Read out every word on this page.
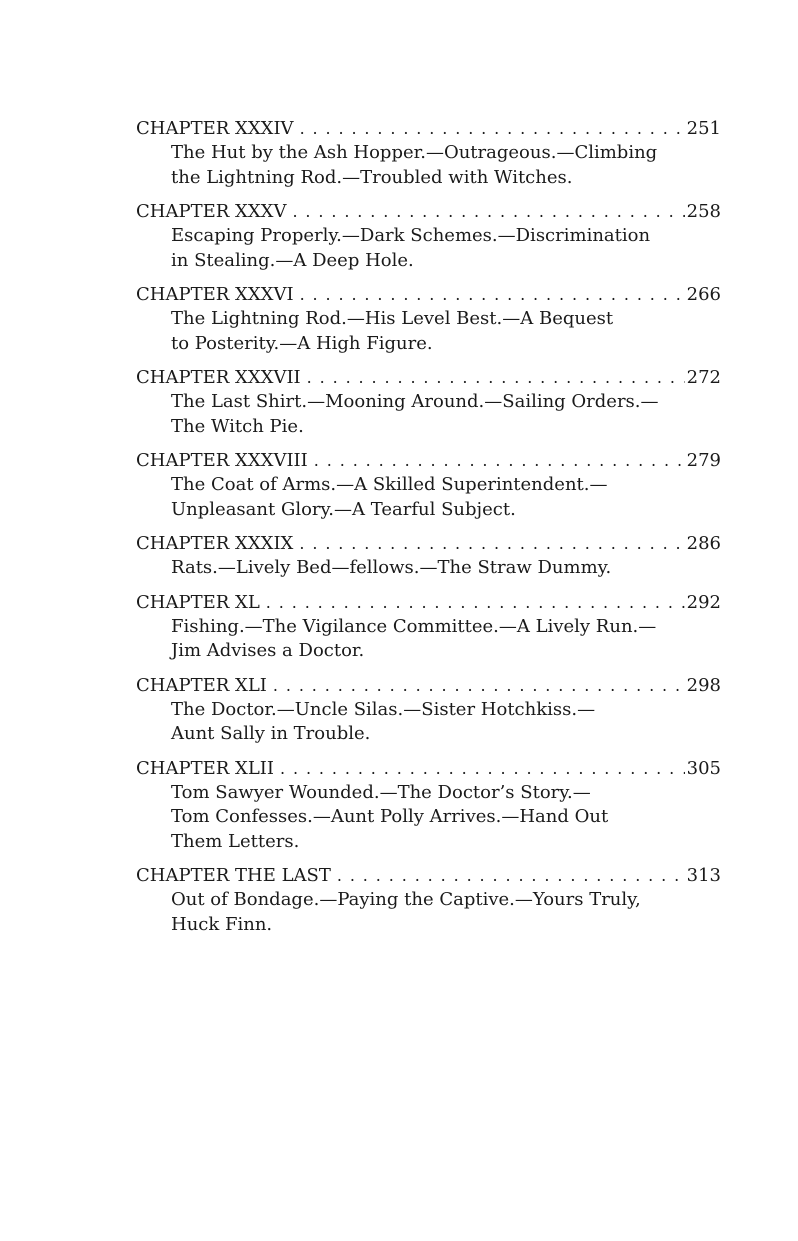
CHAPTER XXXIV . . .	251
The Hut by the Ash Hopper.—Outrageous.—Climbing
the Lightning Rod.—Troubled with Witches.
CHAPTER XXXV . . .	258
Escaping Properly.—Dark Schemes.—Discrimination
in Stealing.—A Deep Hole.
CHAPTER XXXVI . . .	266
The Lightning Rod.—His Level Best.—A Bequest
to Posterity.—A High Figure.
CHAPTER XXXVII . . .	272
The Last Shirt.—Mooning Around.—Sailing Orders.—
The Witch Pie.
CHAPTER XXXVIII . . .	279
The Coat of Arms.—A Skilled Superintendent.—
Unpleasant Glory.—A Tearful Subject.
CHAPTER XXXIX . . .	286
Rats.—Lively Bed—fellows.—The Straw Dummy.
CHAPTER XL . . .	292
Fishing.—The Vigilance Committee.—A Lively Run.—
Jim Advises a Doctor.
CHAPTER XLI . . .	298
The Doctor.—Uncle Silas.—Sister Hotchkiss.—
Aunt Sally in Trouble.
CHAPTER XLII . . .	305
Tom Sawyer Wounded.—The Doctor’s Story.—
Tom Confesses.—Aunt Polly Arrives.—Hand Out
Them Letters.
CHAPTER THE LAST . . .	313
Out of Bondage.—Paying the Captive.—Yours Truly,
Huck Finn.
